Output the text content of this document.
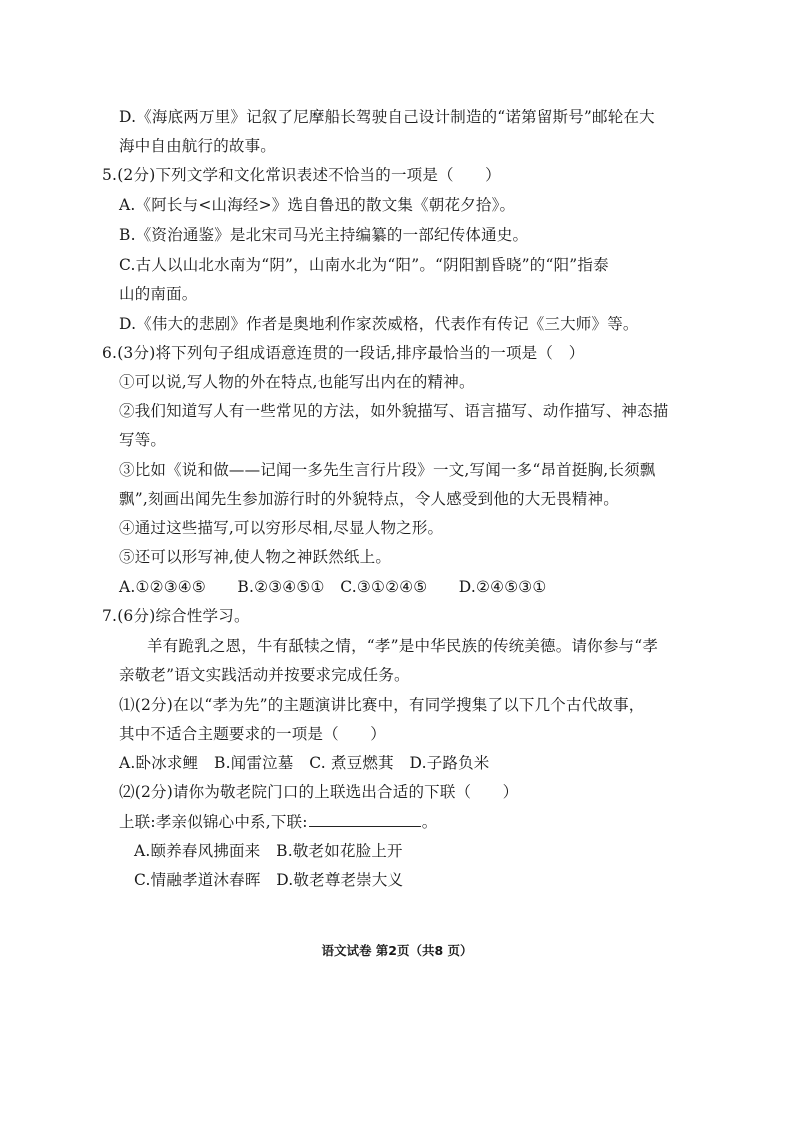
D.《海底两万里》记叙了尼摩船长驾驶自己设计制造的“诺第留斯号”邮轮在大
海中自由航行的故事。
5.(2分)下列文学和文化常识表述不恰当的一项是（　　）
A.《阿长与<山海经>》选自鲁迅的散文集《朝花夕拾》。
B.《资治通鉴》是北宋司马光主持编纂的一部纪传体通史。
C.古人以山北水南为“阴”，山南水北为“阳”。“阴阳割昏晓”的“阳”指泰
山的南面。
D.《伟大的悲剧》作者是奥地利作家茨威格，代表作有传记《三大师》等。
6.(3分)将下列句子组成语意连贯的一段话,排序最恰当的一项是（　）
①可以说,写人物的外在特点,也能写出内在的精神。
②我们知道写人有一些常见的方法，如外貌描写、语言描写、动作描写、神态描
写等。
③比如《说和做——记闻一多先生言行片段》一文,写闻一多“昂首挺胸,长须飘
飘”,刻画出闻先生参加游行时的外貌特点，令人感受到他的大无畏精神。
④通过这些描写,可以穷形尽相,尽显人物之形。
⑤还可以形写神,使人物之神跃然纸上。
A.①②③④⑤　　B.②③④⑤①　C.③①②④⑤　　D.②④⑤③①
7.(6分)综合性学习。
羊有跪乳之恩，牛有舐犊之情，“孝”是中华民族的传统美德。请你参与“孝
亲敬老”语文实践活动并按要求完成任务。
⑴(2分)在以“孝为先”的主题演讲比赛中，有同学搜集了以下几个古代故事，
其中不适合主题要求的一项是（　　）
A.卧冰求鲤　B.闻雷泣墓　C. 煮豆燃萁　D.子路负米
⑵(2分)请你为敬老院门口的上联选出合适的下联（　　）
上联:孝亲似锦心中系,下联:	。
A.颐养春风拂面来　B.敬老如花脸上开
C.情融孝道沐春晖　D.敬老尊老崇大义
语文试卷 第2页（共8 页）
